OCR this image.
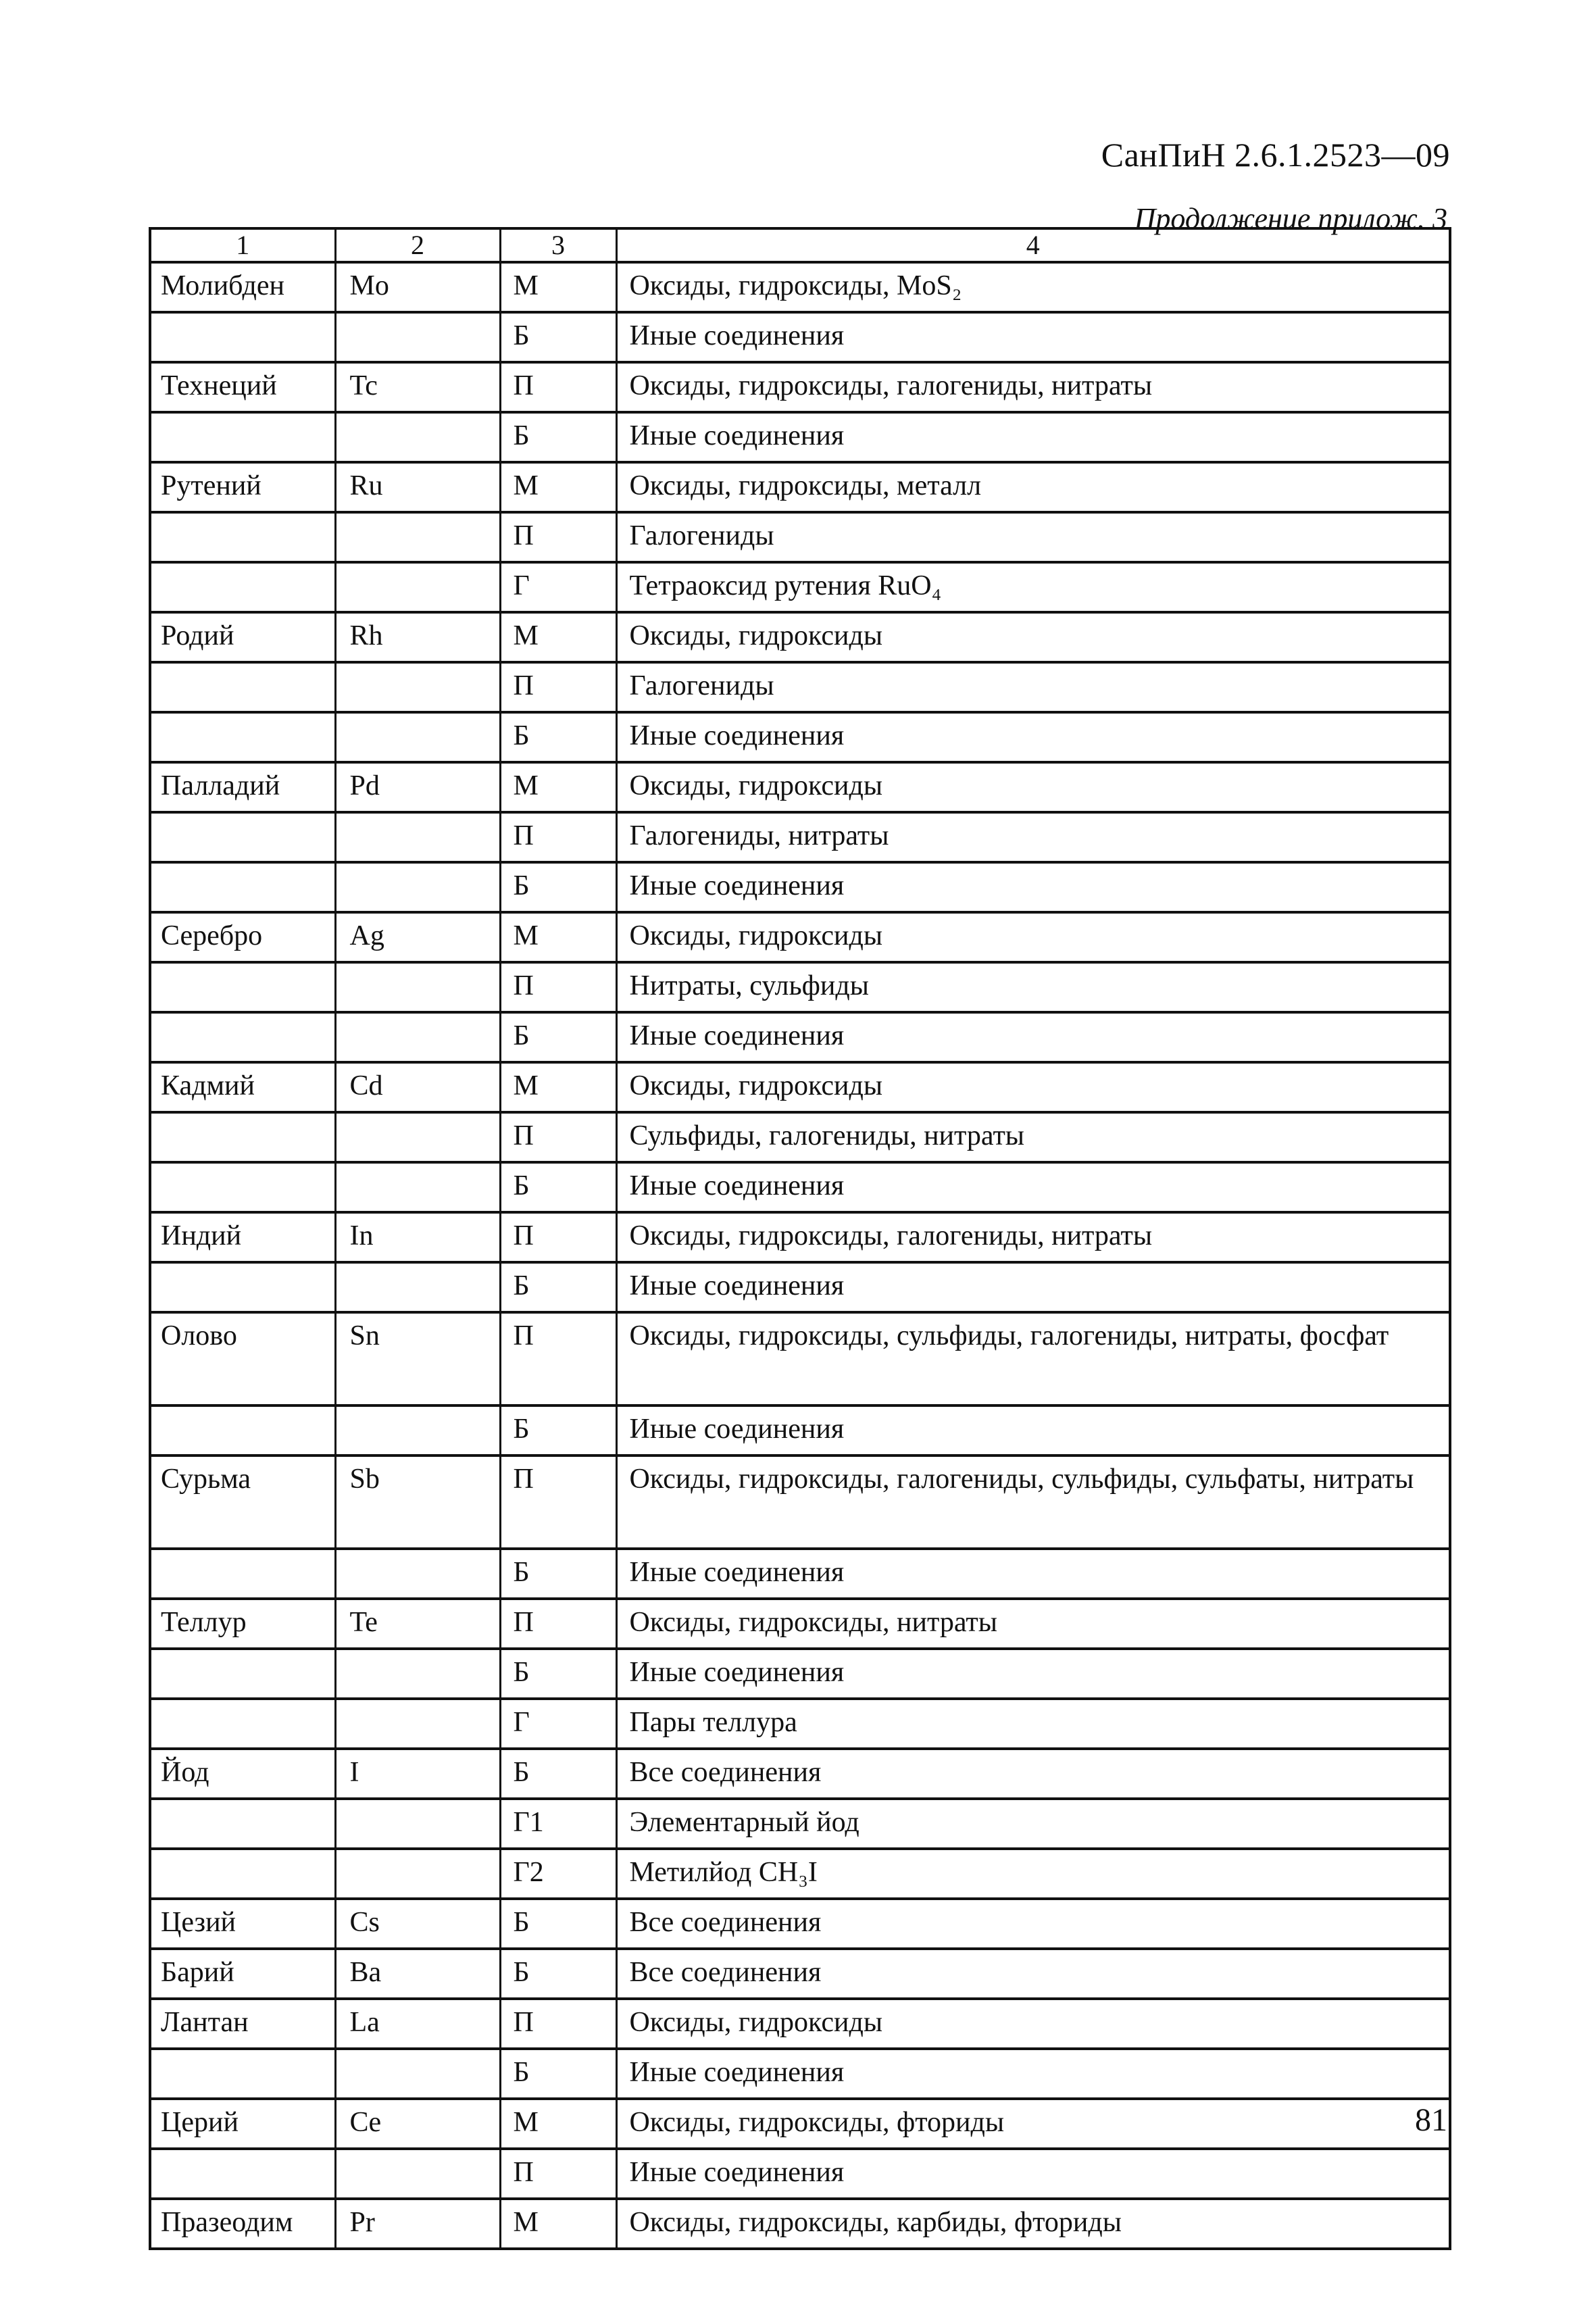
СанПиН 2.6.1.2523—09
Продолжение прилож. 3
1	2	3	4
Молибден	Mo	М	Оксиды, гидроксиды, MoS₂
		Б	Иные соединения
Технеций	Tc	П	Оксиды, гидроксиды, галогениды, нитраты
		Б	Иные соединения
Рутений	Ru	М	Оксиды, гидроксиды, металл
		П	Галогениды
		Г	Тетраоксид рутения RuO₄
Родий	Rh	М	Оксиды, гидроксиды
		П	Галогениды
		Б	Иные соединения
Палладий	Pd	М	Оксиды, гидроксиды
		П	Галогениды, нитраты
		Б	Иные соединения
Серебро	Ag	М	Оксиды, гидроксиды
		П	Нитраты, сульфиды
		Б	Иные соединения
Кадмий	Cd	М	Оксиды, гидроксиды
		П	Сульфиды, галогениды, нитраты
		Б	Иные соединения
Индий	In	П	Оксиды, гидроксиды, галогениды, нитраты
		Б	Иные соединения
Олово	Sn	П	Оксиды, гидроксиды, сульфиды, галогениды, нитраты, фосфат
		Б	Иные соединения
Сурьма	Sb	П	Оксиды, гидроксиды, галогениды, сульфиды, сульфаты, нитраты
		Б	Иные соединения
Теллур	Te	П	Оксиды, гидроксиды, нитраты
		Б	Иные соединения
		Г	Пары теллура
Йод	I	Б	Все соединения
		Г1	Элементарный йод
		Г2	Метилйод CH₃I
Цезий	Cs	Б	Все соединения
Барий	Ba	Б	Все соединения
Лантан	La	П	Оксиды, гидроксиды
		Б	Иные соединения
Церий	Ce	М	Оксиды, гидроксиды, фториды
		П	Иные соединения
Празеодим	Pr	М	Оксиды, гидроксиды, карбиды, фториды
81
